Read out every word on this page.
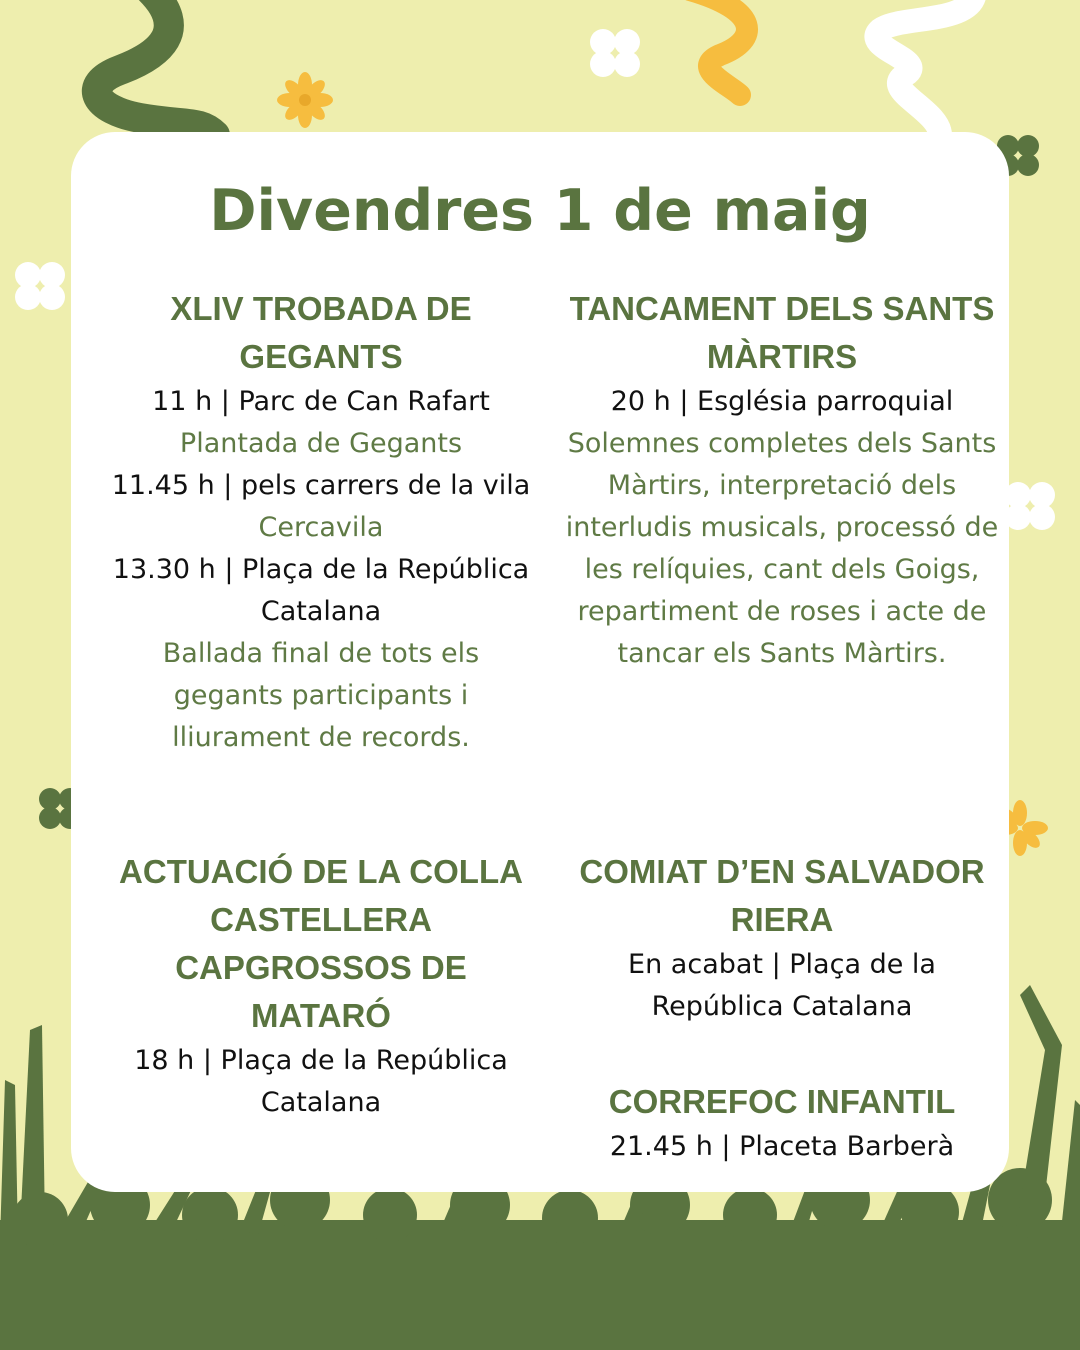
Divendres 1 de maig
XLIV TROBADA DE GEGANTS
11 h | Parc de Can Rafart
Plantada de Gegants
11.45 h | pels carrers de la vila
Cercavila
13.30 h | Plaça de la República Catalana
Ballada final de tots els gegants participants i lliurament de records.
ACTUACIÓ DE LA COLLA CASTELLERA CAPGROSSOS DE MATARÓ
18 h | Plaça de la República Catalana
TANCAMENT DELS SANTS MÀRTIRS
20 h | Església parroquial
Solemnes completes dels Sants Màrtirs, interpretació dels interludis musicals, processó de les relíquies, cant dels Goigs, repartiment de roses i acte de tancar els Sants Màrtirs.
COMIAT D’EN SALVADOR RIERA
En acabat | Plaça de la República Catalana
CORREFOC INFANTIL
21.45 h | Placeta Barberà
